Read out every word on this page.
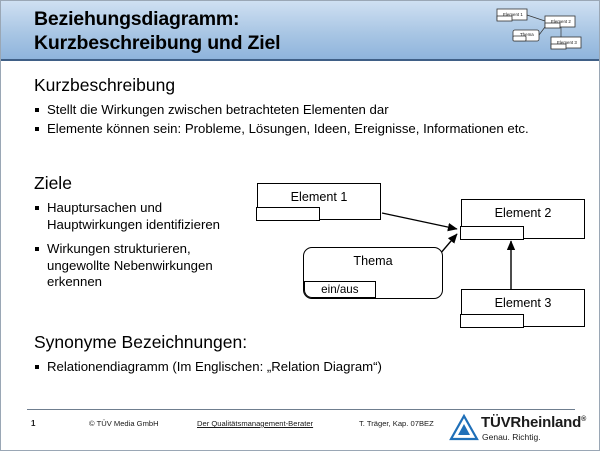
Beziehungsdiagramm:
Kurzbeschreibung und Ziel
Element 1
Element 2
Thema
Element 3
Kurzbeschreibung
Stellt die Wirkungen zwischen betrachteten Elementen dar
Elemente können sein: Probleme, Lösungen, Ideen, Ereignisse, Informationen etc.
Ziele
Hauptursachen und Hauptwirkungen identifizieren
Wirkungen strukturieren, ungewollte Nebenwirkungen erkennen
Synonyme Bezeichnungen:
Relationendiagramm (Im Englischen: „Relation Diagram“)
Element 1
Element 2
Element 3
Thema
ein/aus
1	© TÜV Media GmbH	Der Qualitätsmanagement-Berater	T. Träger, Kap. 07BEZ	TÜVRheinland®
Genau. Richtig.
